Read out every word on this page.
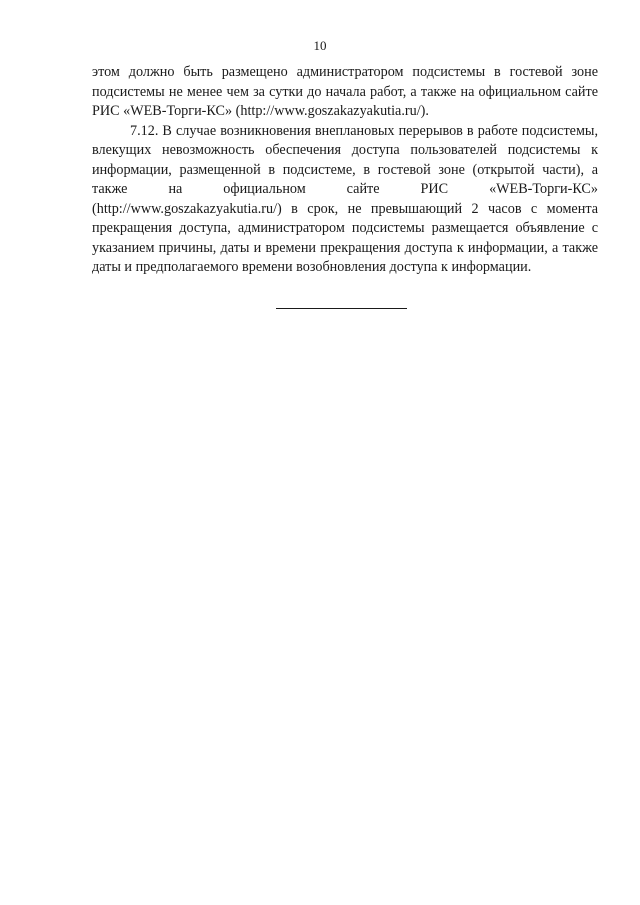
10

этом должно быть размещено администратором подсистемы в гостевой зоне подсистемы не менее чем за сутки до начала работ, а также на официальном сайте РИС «WEB-Торги-КС» (http://www.goszakazyakutia.ru/).

7.12. В случае возникновения внеплановых перерывов в работе подсистемы, влекущих невозможность обеспечения доступа пользователей подсистемы к информации, размещенной в подсистеме, в гостевой зоне (открытой части), а также на официальном сайте РИС «WEB-Торги-КС» (http://www.goszakazyakutia.ru/) в срок, не превышающий 2 часов с момента прекращения доступа, администратором подсистемы размещается объявление с указанием причины, даты и времени прекращения доступа к информации, а также даты и предполагаемого времени возобновления доступа к информации.
